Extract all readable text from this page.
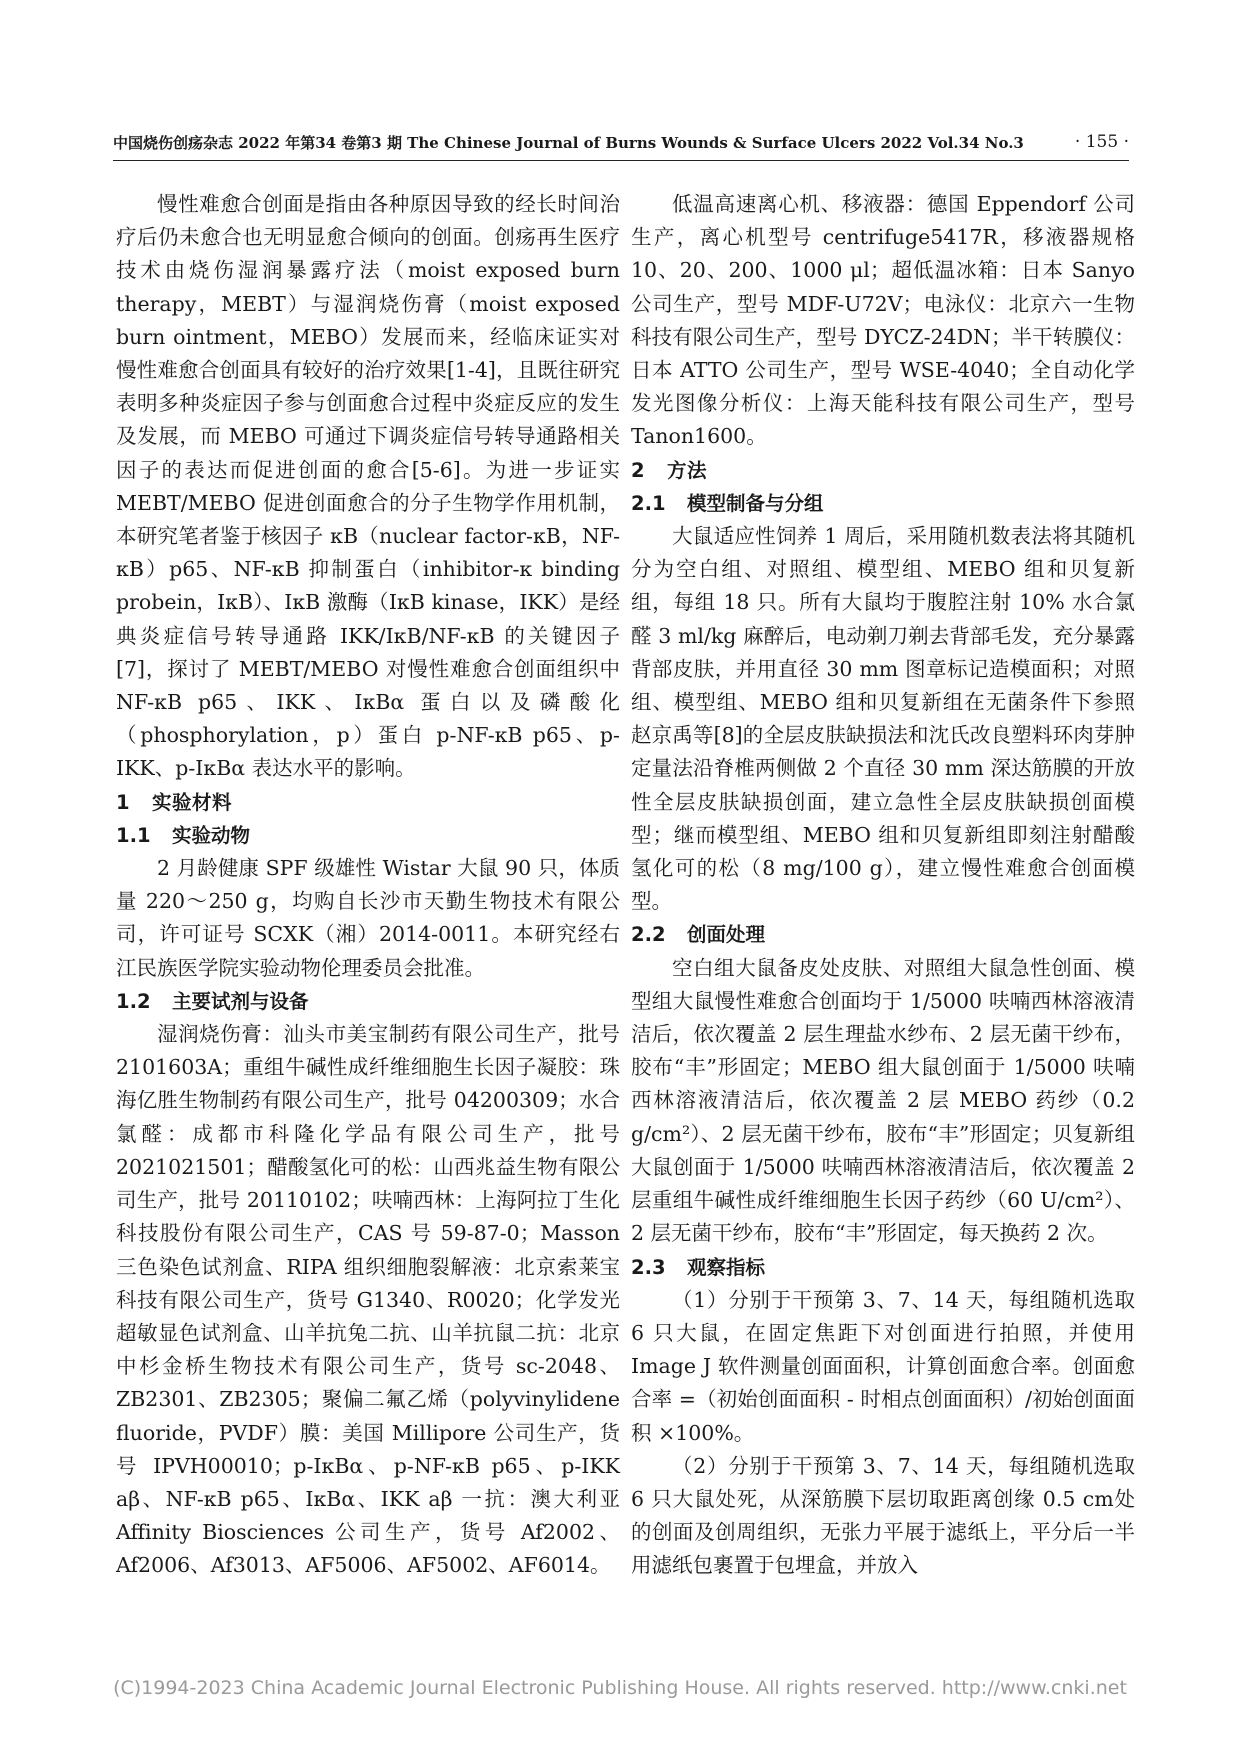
中国烧伤创疡杂志 2022 年第34 卷第3 期 The Chinese Journal of Burns Wounds & Surface Ulcers 2022 Vol.34 No.3	· 155 ·

慢性难愈合创面是指由各种原因导致的经长时间治疗后仍未愈合也无明显愈合倾向的创面。创疡再生医疗技术由烧伤湿润暴露疗法（moist exposed burn therapy，MEBT）与湿润烧伤膏（moist exposed burn ointment，MEBO）发展而来，经临床证实对慢性难愈合创面具有较好的治疗效果[1-4]，且既往研究表明多种炎症因子参与创面愈合过程中炎症反应的发生及发展，而 MEBO 可通过下调炎症信号转导通路相关因子的表达而促进创面的愈合[5-6]。为进一步证实 MEBT/MEBO 促进创面愈合的分子生物学作用机制，本研究笔者鉴于核因子 κB（nuclear factor-κB，NF-κB）p65、NF-κB 抑制蛋白（inhibitor-κ binding probein，IκB）、IκB 激酶（IκB kinase，IKK）是经典炎症信号转导通路 IKK/IκB/NF-κB 的关键因子[7]，探讨了 MEBT/MEBO 对慢性难愈合创面组织中 NF-κB p65、IKK、IκBα 蛋白以及磷酸化（phosphorylation，p）蛋白 p-NF-κB p65、p-IKK、p-IκBα 表达水平的影响。

1 实验材料
1.1 实验动物

2 月龄健康 SPF 级雄性 Wistar 大鼠 90 只，体质量 220～250 g，均购自长沙市天勤生物技术有限公司，许可证号 SCXK（湘）2014-0011。本研究经右江民族医学院实验动物伦理委员会批准。

1.2 主要试剂与设备

湿润烧伤膏：汕头市美宝制药有限公司生产，批号 2101603A；重组牛碱性成纤维细胞生长因子凝胶：珠海亿胜生物制药有限公司生产，批号 04200309；水合氯醛：成都市科隆化学品有限公司生产，批号 2021021501；醋酸氢化可的松：山西兆益生物有限公司生产，批号 20110102；呋喃西林：上海阿拉丁生化科技股份有限公司生产，CAS 号 59-87-0；Masson 三色染色试剂盒、RIPA 组织细胞裂解液：北京索莱宝科技有限公司生产，货号 G1340、R0020；化学发光超敏显色试剂盒、山羊抗兔二抗、山羊抗鼠二抗：北京中杉金桥生物技术有限公司生产，货号 sc-2048、ZB2301、ZB2305；聚偏二氟乙烯（polyvinylidene fluoride，PVDF）膜：美国 Millipore 公司生产，货号 IPVH00010；p-IκBα、p-NF-κB p65、p-IKK aβ、NF-κB p65、IκBα、IKK aβ 一抗：澳大利亚 Affinity Biosciences 公司生产，货号 Af2002、Af2006、Af3013、AF5006、AF5002、AF6014。

低温高速离心机、移液器：德国 Eppendorf 公司生产，离心机型号 centrifuge5417R，移液器规格 10、20、200、1000 μl；超低温冰箱：日本 Sanyo 公司生产，型号 MDF-U72V；电泳仪：北京六一生物科技有限公司生产，型号 DYCZ-24DN；半干转膜仪：日本 ATTO 公司生产，型号 WSE-4040；全自动化学发光图像分析仪：上海天能科技有限公司生产，型号 Tanon1600。

2 方法
2.1 模型制备与分组

大鼠适应性饲养 1 周后，采用随机数表法将其随机分为空白组、对照组、模型组、MEBO 组和贝复新组，每组 18 只。所有大鼠均于腹腔注射 10% 水合氯醛 3 ml/kg 麻醉后，电动剃刀剃去背部毛发，充分暴露背部皮肤，并用直径 30 mm 图章标记造模面积；对照组、模型组、MEBO 组和贝复新组在无菌条件下参照赵京禹等[8]的全层皮肤缺损法和沈氏改良塑料环肉芽肿定量法沿脊椎两侧做 2 个直径 30 mm 深达筋膜的开放性全层皮肤缺损创面，建立急性全层皮肤缺损创面模型；继而模型组、MEBO 组和贝复新组即刻注射醋酸氢化可的松（8 mg/100 g），建立慢性难愈合创面模型。

2.2 创面处理

空白组大鼠备皮处皮肤、对照组大鼠急性创面、模型组大鼠慢性难愈合创面均于 1/5000 呋喃西林溶液清洁后，依次覆盖 2 层生理盐水纱布、2 层无菌干纱布，胶布“丰”形固定；MEBO 组大鼠创面于 1/5000 呋喃西林溶液清洁后，依次覆盖 2 层 MEBO 药纱（0.2 g/cm²）、2 层无菌干纱布，胶布“丰”形固定；贝复新组大鼠创面于 1/5000 呋喃西林溶液清洁后，依次覆盖 2 层重组牛碱性成纤维细胞生长因子药纱（60 U/cm²）、2 层无菌干纱布，胶布“丰”形固定，每天换药 2 次。

2.3 观察指标

（1）分别于干预第 3、7、14 天，每组随机选取 6 只大鼠，在固定焦距下对创面进行拍照，并使用 Image J 软件测量创面面积，计算创面愈合率。创面愈合率 =（初始创面面积 - 时相点创面面积）/初始创面面积 ×100%。

（2）分别于干预第 3、7、14 天，每组随机选取 6 只大鼠处死，从深筋膜下层切取距离创缘 0.5 cm处的创面及创周组织，无张力平展于滤纸上，平分后一半用滤纸包裹置于包埋盒，并放入

(C)1994-2023 China Academic Journal Electronic Publishing House. All rights reserved. http://www.cnki.net
